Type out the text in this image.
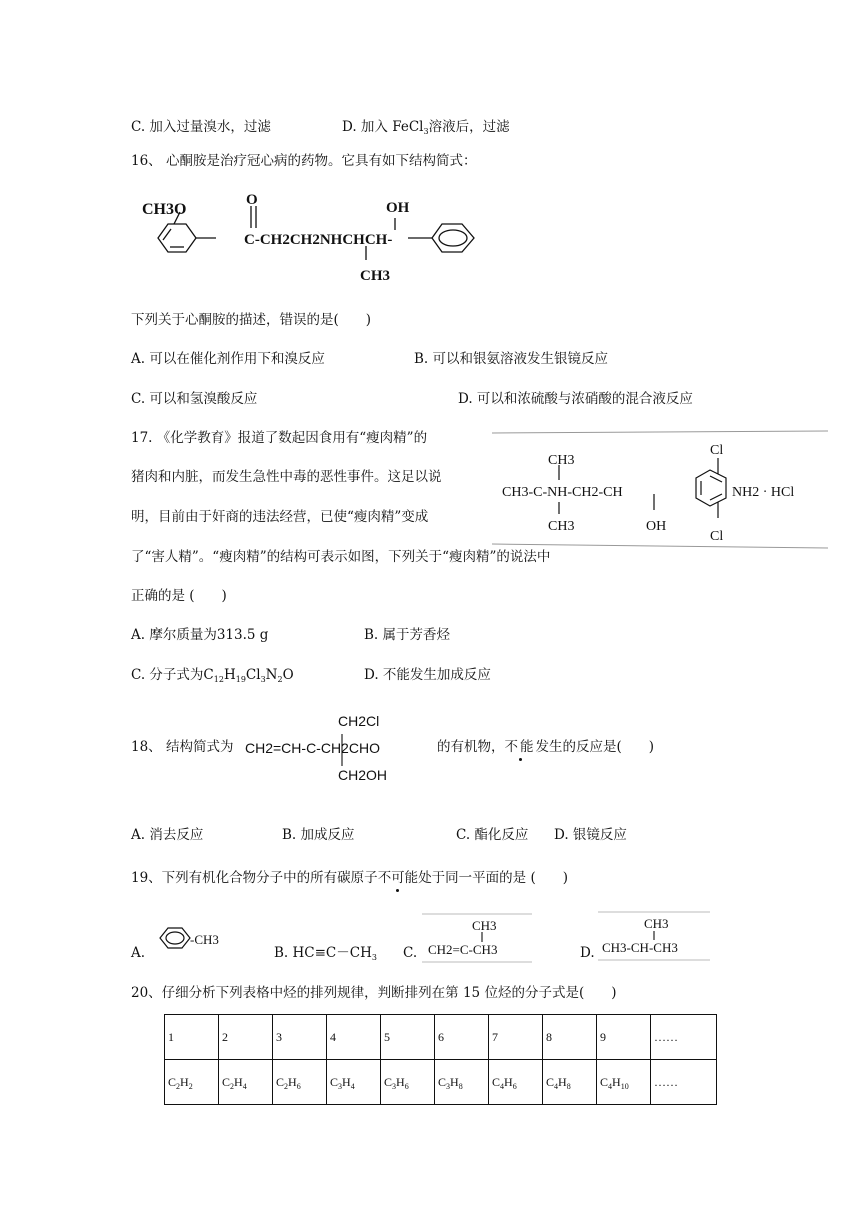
C. 加入过量溴水，过滤	D. 加入 FeCl$_3$溶液后，过滤
16、 心酮胺是治疗冠心病的药物。它具有如下结构简式：
CH3O
O
C-CH2CH2NHCHCH-
OH
CH3
下列关于心酮胺的描述，错误的是(　　)
A. 可以在催化剂作用下和溴反应	B. 可以和银氨溶液发生银镜反应
C. 可以和氢溴酸反应	D. 可以和浓硫酸与浓硝酸的混合液反应
17. 《化学教育》报道了数起因食用有“瘦肉精”的
猪肉和内脏，而发生急性中毒的恶性事件。这足以说
明，目前由于奸商的违法经营，已使“瘦肉精”变成
了“害人精”。“瘦肉精”的结构可表示如图，下列关于“瘦肉精”的说法中
正确的是 (　　)
CH3
CH3-C-NH-CH2-CH
Cl
NH2 · HCl
CH3	OH
Cl
A. 摩尔质量为313.5 g	B. 属于芳香烃
C. 分子式为$C_{12}H_{19}Cl_3N_2O$	D. 不能发生加成反应
18、 结构简式为
CH2Cl
CH2=CH-C-CH2CHO
CH2OH
的有机物，不能发生的反应是(　　)
A. 消去反应	B. 加成反应	C. 酯化反应 D. 银镜反应
19、下列有机化合物分子中的所有碳原子不可能处于同一平面的是 (　　)
A.
-CH3
B. $HC\equiv C-CH_3$ C.
CH3
CH2=C-CH3	D.
CH3
CH3-CH-CH3
20、仔细分析下列表格中烃的排列规律，判断排列在第 15 位烃的分子式是(　　)
1	2	3	4	5	6	7	8	9	……
$C_2H_2$	$C_2H_4$	$C_2H_6$	$C_3H_4$	$C_3H_6$	$C_3H_8$	$C_4H_6$	$C_4H_8$	$C_4H_{10}$	……
